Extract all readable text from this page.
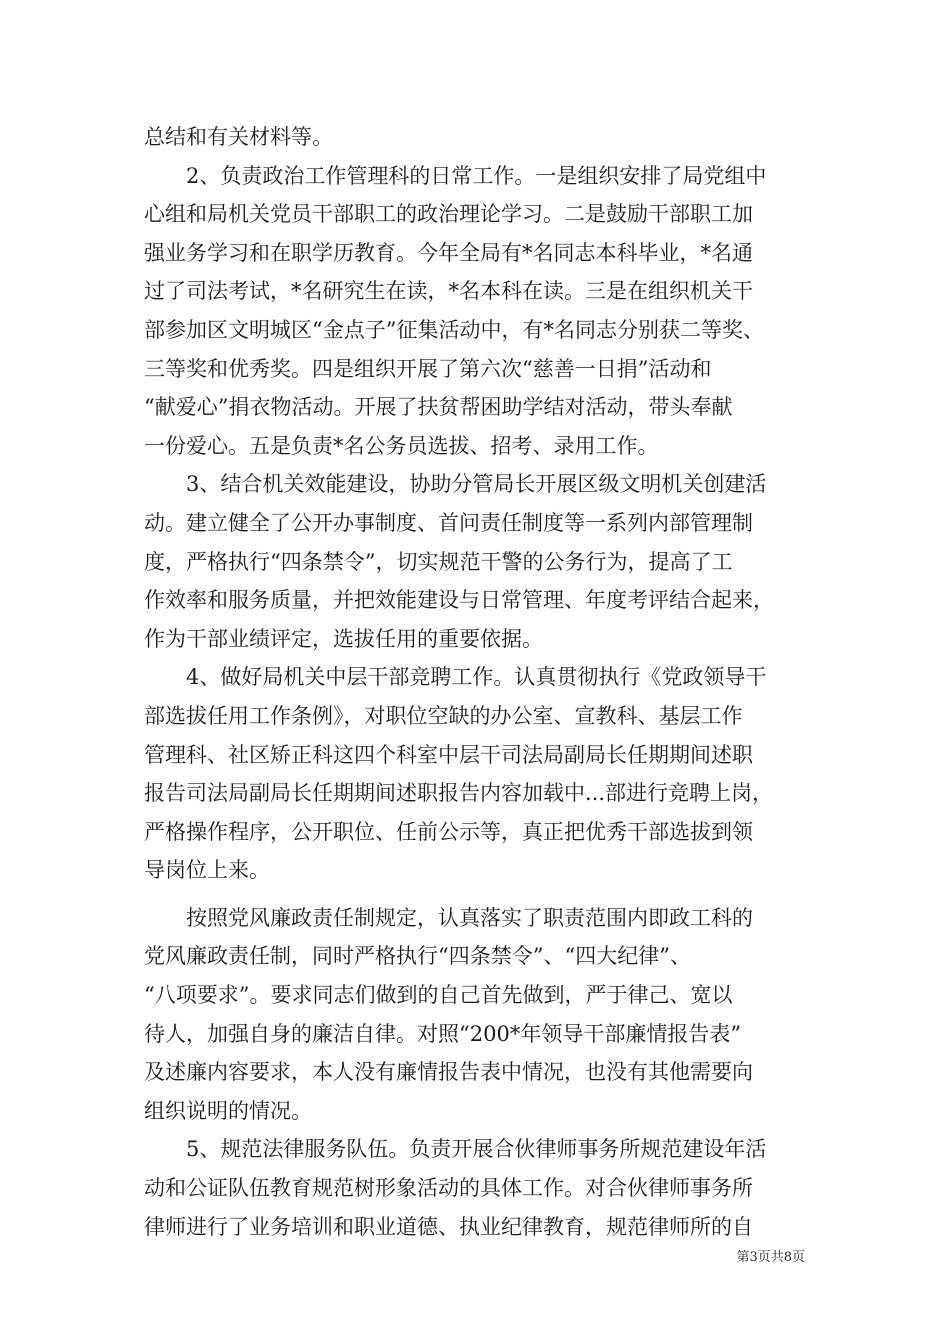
总结和有关材料等。
　　2、负责政治工作管理科的日常工作。一是组织安排了局党组中
心组和局机关党员干部职工的政治理论学习。二是鼓励干部职工加
强业务学习和在职学历教育。今年全局有*名同志本科毕业，*名通
过了司法考试，*名研究生在读，*名本科在读。三是在组织机关干
部参加区文明城区“金点子”征集活动中，有*名同志分别获二等奖、
三等奖和优秀奖。四是组织开展了第六次“慈善一日捐”活动和
“献爱心”捐衣物活动。开展了扶贫帮困助学结对活动，带头奉献
一份爱心。五是负责*名公务员选拔、招考、录用工作。
　　3、结合机关效能建设，协助分管局长开展区级文明机关创建活
动。建立健全了公开办事制度、首问责任制度等一系列内部管理制
度，严格执行“四条禁令”，切实规范干警的公务行为，提高了工
作效率和服务质量，并把效能建设与日常管理、年度考评结合起来，
作为干部业绩评定，选拔任用的重要依据。
　　4、做好局机关中层干部竞聘工作。认真贯彻执行《党政领导干
部选拔任用工作条例》，对职位空缺的办公室、宣教科、基层工作
管理科、社区矫正科这四个科室中层干司法局副局长任期期间述职
报告司法局副局长任期期间述职报告内容加载中...部进行竞聘上岗，
严格操作程序，公开职位、任前公示等，真正把优秀干部选拔到领
导岗位上来。
　　按照党风廉政责任制规定，认真落实了职责范围内即政工科的
党风廉政责任制，同时严格执行“四条禁令”、“四大纪律”、
“八项要求”。要求同志们做到的自己首先做到，严于律己、宽以
待人，加强自身的廉洁自律。对照“200*年领导干部廉情报告表”
及述廉内容要求，本人没有廉情报告表中情况，也没有其他需要向
组织说明的情况。
　　5、规范法律服务队伍。负责开展合伙律师事务所规范建设年活
动和公证队伍教育规范树形象活动的具体工作。对合伙律师事务所
律师进行了业务培训和职业道德、执业纪律教育，规范律师所的自
第3页共8页
